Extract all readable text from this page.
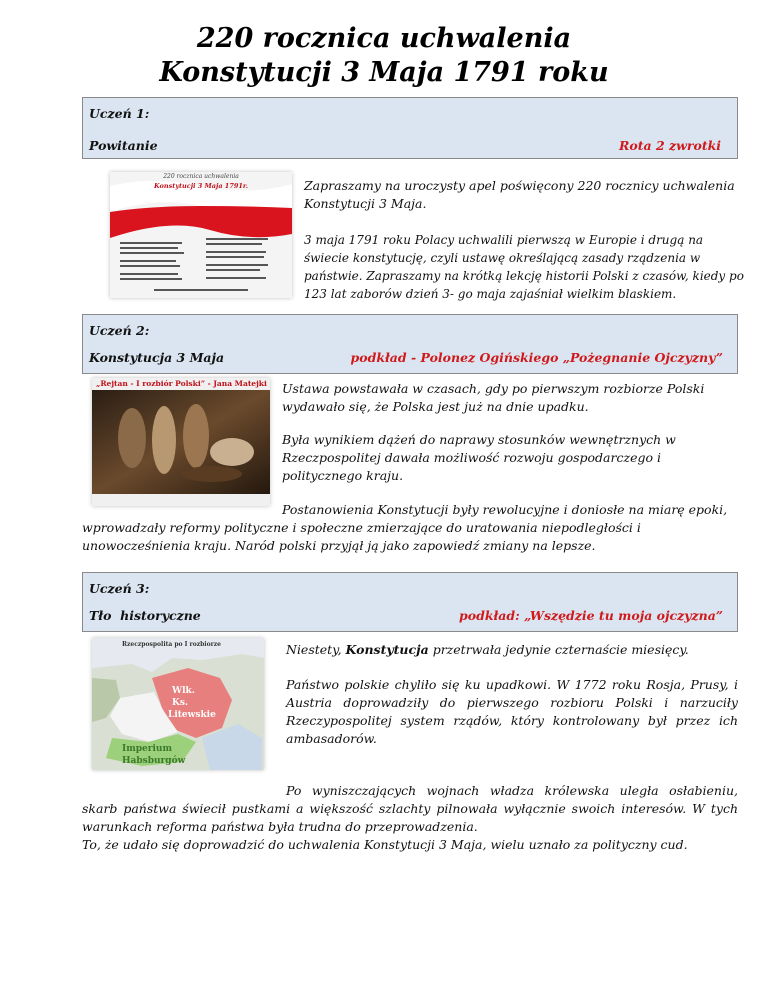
220 rocznica uchwalenia
Konstytucji 3 Maja 1791 roku
Uczeń 1:
Powitanie	Rota 2 zwrotki
220 rocznica uchwalenia
Konstytucji 3 Maja 1791r.	Zapraszamy na uroczysty apel poświęcony 220 rocznicy uchwalenia Konstytucji 3 Maja.

3 maja 1791 roku Polacy uchwalili pierwszą w Europie i drugą na świecie konstytucję, czyli ustawę określającą zasady rządzenia w państwie. Zapraszamy na krótką lekcję historii Polski z czasów, kiedy po 123 lat zaborów dzień 3- go maja zajaśniał wielkim blaskiem.

Uczeń 2:
Konstytucja 3 Maja	podkład - Polonez Ogińskiego „Pożegnanie Ojczyzny”
„Rejtan - I rozbiór Polski” - Jana Matejki Ustawa powstawała w czasach, gdy po pierwszym rozbiorze Polski wydawało się, że Polska jest już na dnie upadku.

Była wynikiem dążeń do naprawy stosunków wewnętrznych w Rzeczpospolitej dawała możliwość rozwoju gospodarczego i politycznego kraju.

Postanowienia Konstytucji były rewolucyjne i doniosłe na miarę epoki, wprowadzały reformy polityczne i społeczne zmierzające do uratowania niepodległości i unowocześnienia kraju. Naród polski przyjął ją jako zapowiedź zmiany na lepsze.

Uczeń 3:
Tło  historyczne	podkład: „Wszędzie tu moja ojczyzna”
Rzeczpospolita po I rozbiorze
Wlk.
Ks.
Litewskie
Imperium
Habsburgów

Niestety, Konstytucja przetrwała jedynie czternaście miesięcy.

Państwo polskie chyliło się ku upadkowi. W 1772 roku Rosja, Prusy, i Austria doprowadziły do pierwszego rozbioru Polski i narzuciły Rzeczypospolitej system rządów, który kontrolowany był przez ich ambasadorów.

Po wyniszczających wojnach władza królewska uległa osłabieniu, skarb państwa świecił pustkami a większość szlachty pilnowała wyłącznie swoich interesów. W tych warunkach reforma państwa była trudna do przeprowadzenia.

To, że udało się doprowadzić do uchwalenia Konstytucji 3 Maja, wielu uznało za polityczny cud.
